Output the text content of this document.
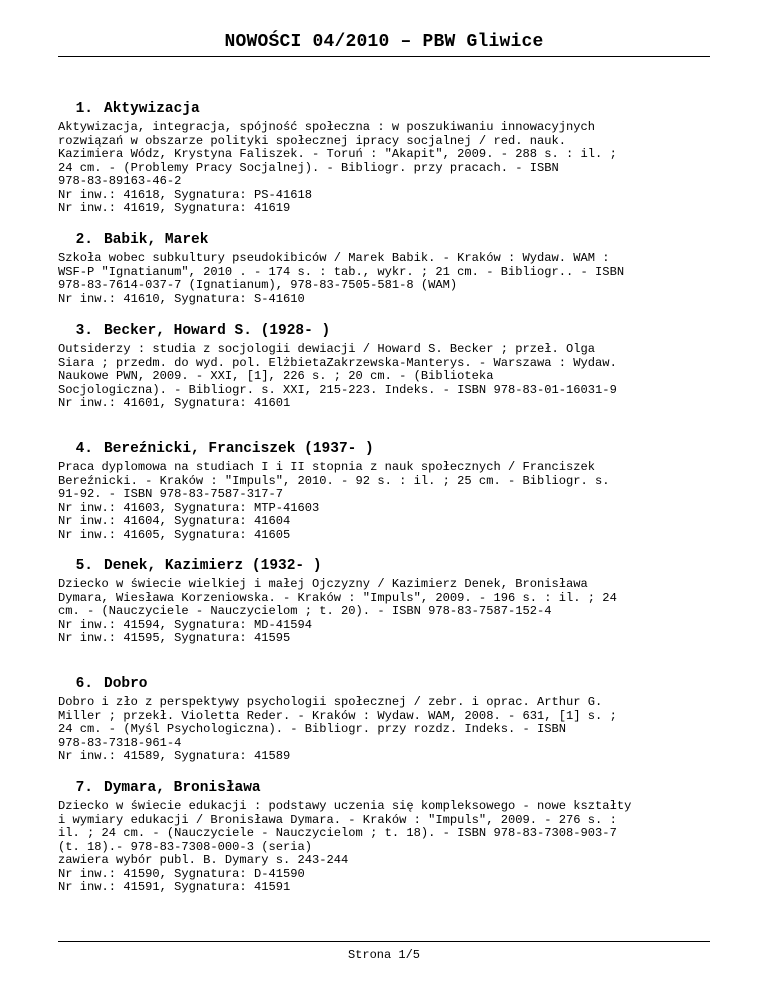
NOWOŚCI 04/2010 – PBW Gliwice
1. Aktywizacja
Aktywizacja, integracja, spójność społeczna : w poszukiwaniu innowacyjnych
rozwiązań w obszarze polityki społecznej ipracy socjalnej / red. nauk.
Kazimiera Wódz, Krystyna Faliszek. - Toruń : "Akapit", 2009. - 288 s. : il. ;
24 cm. - (Problemy Pracy Socjalnej). - Bibliogr. przy pracach. - ISBN
978-83-89163-46-2
Nr inw.: 41618, Sygnatura: PS-41618
Nr inw.: 41619, Sygnatura: 41619
2. Babik, Marek
Szkoła wobec subkultury pseudokibiców / Marek Babik. - Kraków : Wydaw. WAM :
WSF-P "Ignatianum", 2010 . - 174 s. : tab., wykr. ; 21 cm. - Bibliogr.. - ISBN
978-83-7614-037-7 (Ignatianum), 978-83-7505-581-8 (WAM)
Nr inw.: 41610, Sygnatura: S-41610
3. Becker, Howard S. (1928- )
Outsiderzy : studia z socjologii dewiacji / Howard S. Becker ; przeł. Olga
Siara ; przedm. do wyd. pol. ElżbietaZakrzewska-Manterys. - Warszawa : Wydaw.
Naukowe PWN, 2009. - XXI, [1], 226 s. ; 20 cm. - (Biblioteka
Socjologiczna). - Bibliogr. s. XXI, 215-223. Indeks. - ISBN 978-83-01-16031-9
Nr inw.: 41601, Sygnatura: 41601
4. Bereźnicki, Franciszek (1937- )
Praca dyplomowa na studiach I i II stopnia z nauk społecznych / Franciszek
Bereźnicki. - Kraków : "Impuls", 2010. - 92 s. : il. ; 25 cm. - Bibliogr. s.
91-92. - ISBN 978-83-7587-317-7
Nr inw.: 41603, Sygnatura: MTP-41603
Nr inw.: 41604, Sygnatura: 41604
Nr inw.: 41605, Sygnatura: 41605
5. Denek, Kazimierz (1932- )
Dziecko w świecie wielkiej i małej Ojczyzny / Kazimierz Denek, Bronisława
Dymara, Wiesława Korzeniowska. - Kraków : "Impuls", 2009. - 196 s. : il. ; 24
cm. - (Nauczyciele - Nauczycielom ; t. 20). - ISBN 978-83-7587-152-4
Nr inw.: 41594, Sygnatura: MD-41594
Nr inw.: 41595, Sygnatura: 41595
6. Dobro
Dobro i zło z perspektywy psychologii społecznej / zebr. i oprac. Arthur G.
Miller ; przekł. Violetta Reder. - Kraków : Wydaw. WAM, 2008. - 631, [1] s. ;
24 cm. - (Myśl Psychologiczna). - Bibliogr. przy rozdz. Indeks. - ISBN
978-83-7318-961-4
Nr inw.: 41589, Sygnatura: 41589
7. Dymara, Bronisława
Dziecko w świecie edukacji : podstawy uczenia się kompleksowego - nowe kształty
i wymiary edukacji / Bronisława Dymara. - Kraków : "Impuls", 2009. - 276 s. :
il. ; 24 cm. - (Nauczyciele - Nauczycielom ; t. 18). - ISBN 978-83-7308-903-7
(t. 18).- 978-83-7308-000-3 (seria)
zawiera wybór publ. B. Dymary s. 243-244
Nr inw.: 41590, Sygnatura: D-41590
Nr inw.: 41591, Sygnatura: 41591
Strona 1/5
